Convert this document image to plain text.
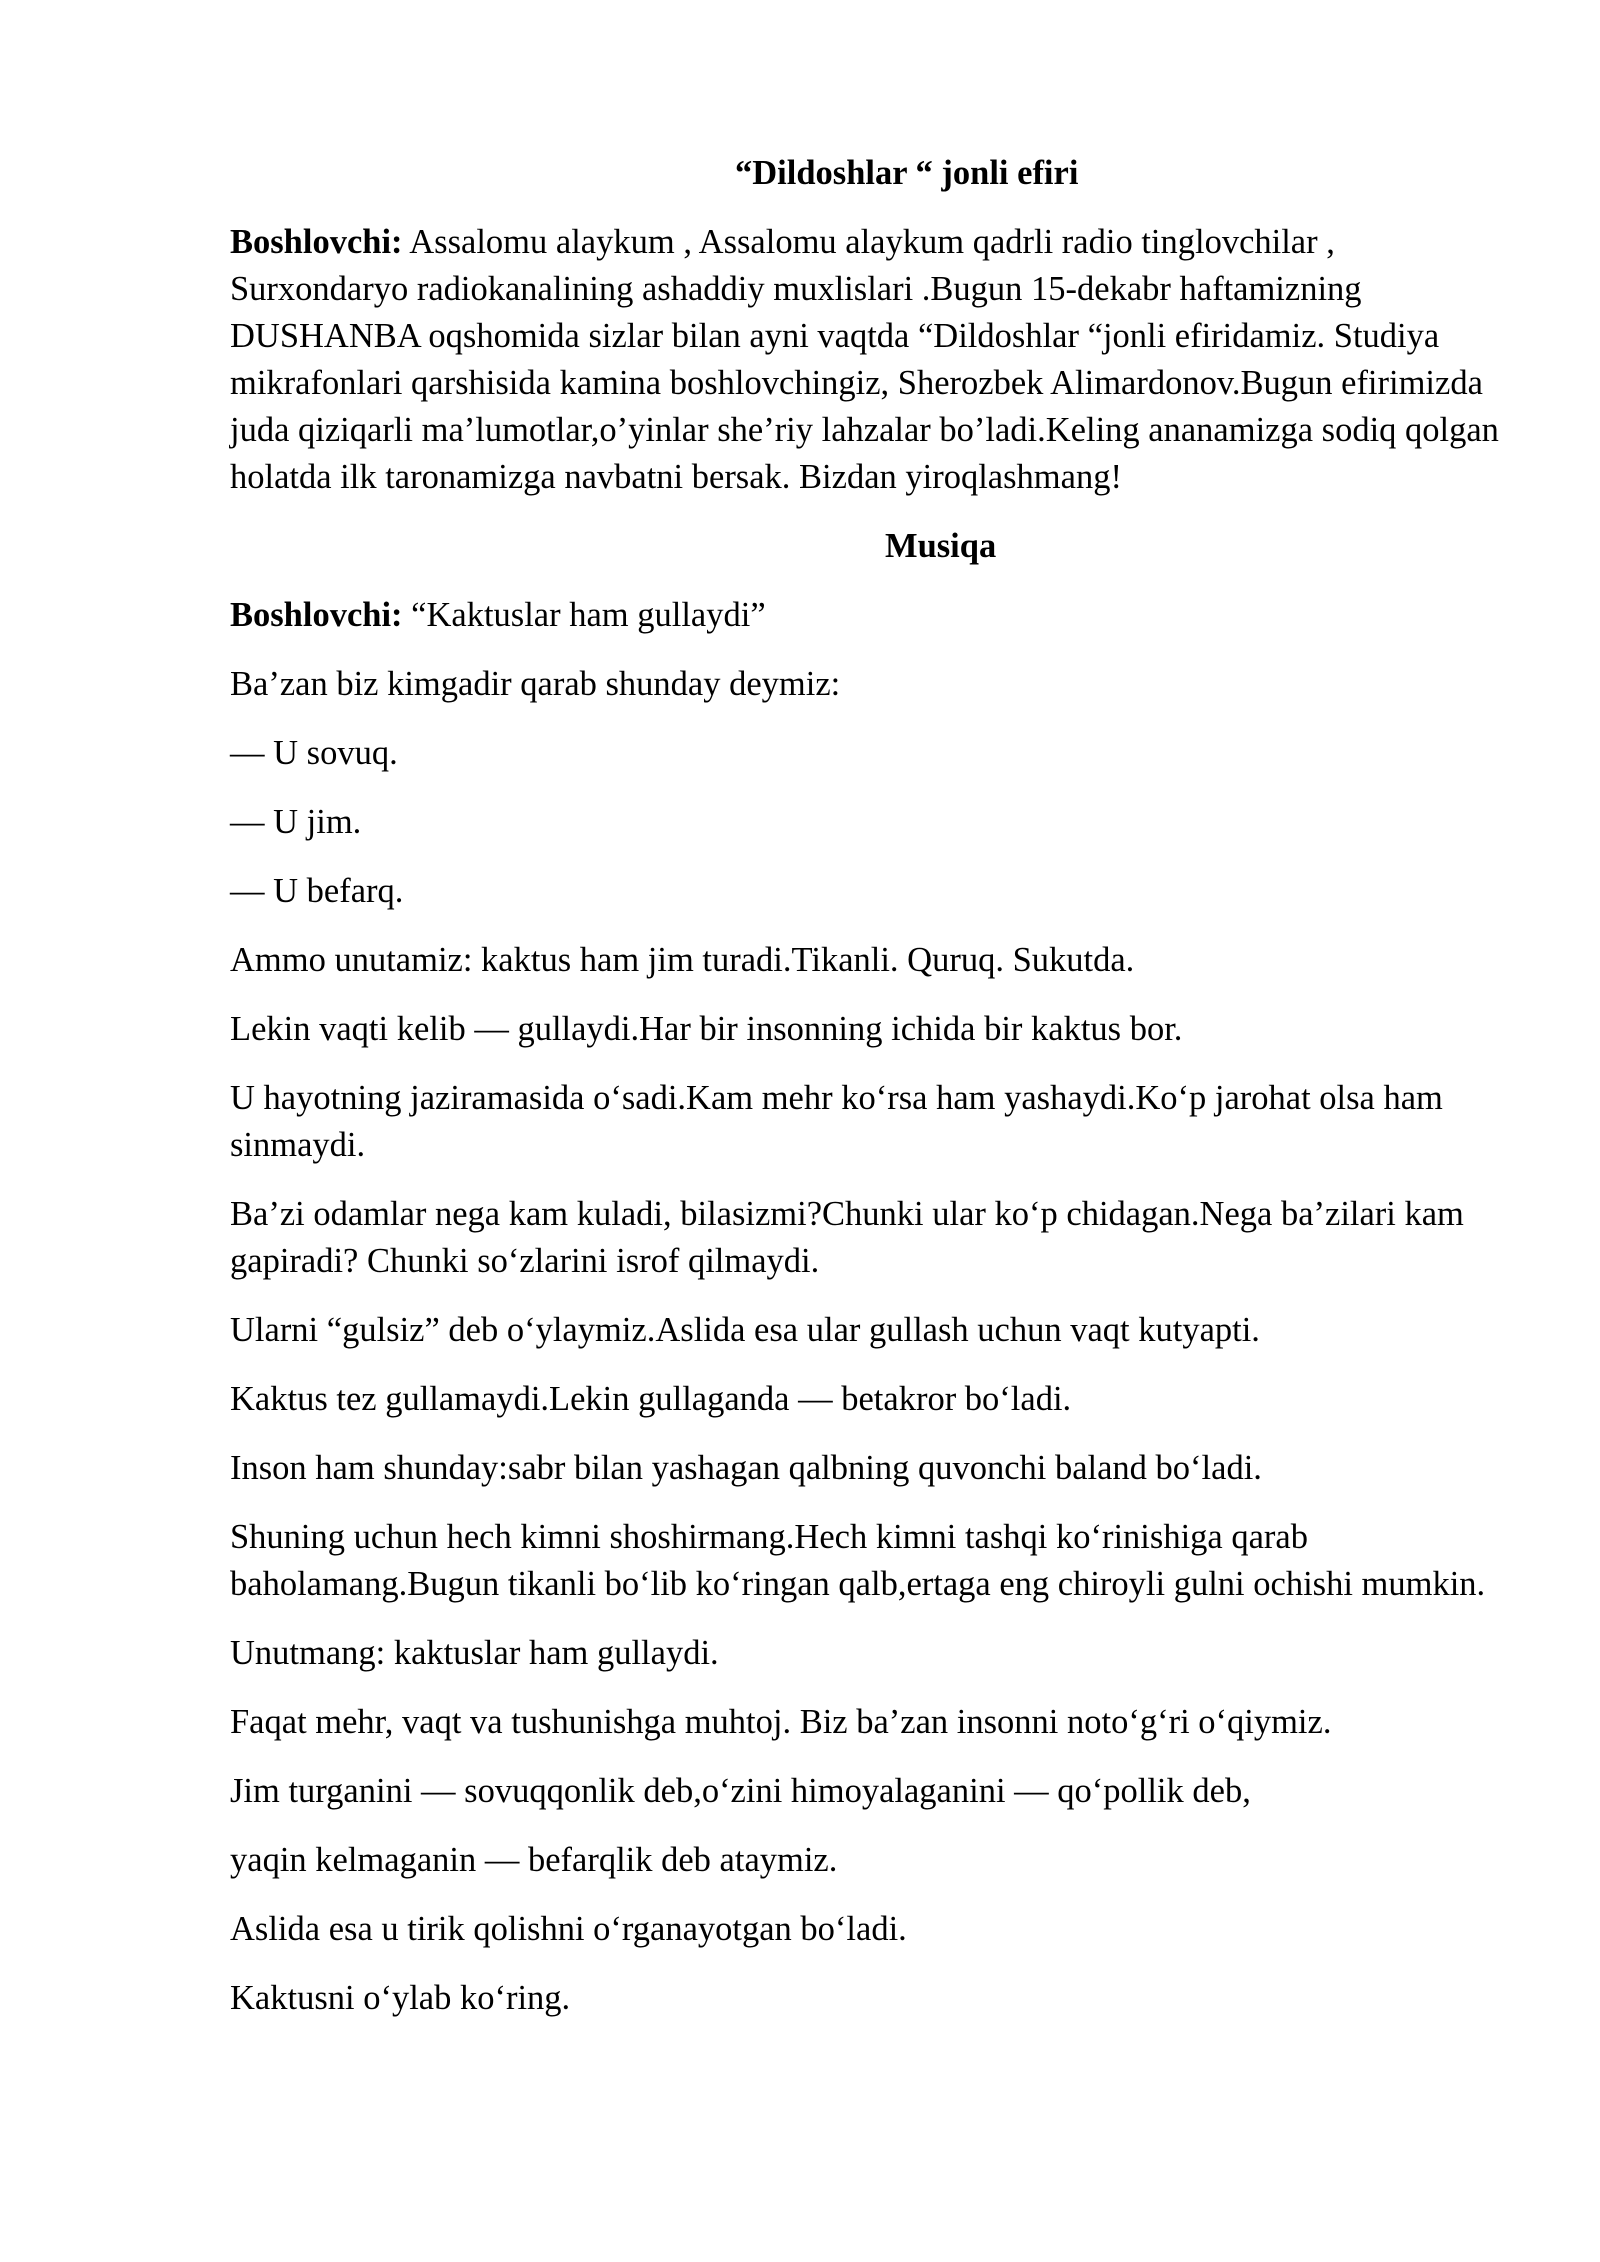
“Dildoshlar “ jonli efiri

Boshlovchi: Assalomu alaykum , Assalomu alaykum qadrli radio tinglovchilar , Surxondaryo radiokanalining ashaddiy muxlislari .Bugun 15-dekabr haftamizning DUSHANBA oqshomida sizlar bilan ayni vaqtda “Dildoshlar “jonli efiridamiz. Studiya mikrafonlari qarshisida kamina boshlovchingiz, Sherozbek Alimardonov.Bugun efirimizda juda qiziqarli ma’lumotlar,o’yinlar she’riy lahzalar bo’ladi.Keling ananamizga sodiq qolgan holatda ilk taronamizga navbatni bersak. Bizdan yiroqlashmang!

Musiqa

Boshlovchi: “Kaktuslar ham gullaydi”

Ba’zan biz kimgadir qarab shunday deymiz:

— U sovuq.

— U jim.

— U befarq.

Ammo unutamiz: kaktus ham jim turadi.Tikanli. Quruq. Sukutda.

Lekin vaqti kelib — gullaydi.Har bir insonning ichida bir kaktus bor.

U hayotning jaziramasida o‘sadi.Kam mehr ko‘rsa ham yashaydi.Ko‘p jarohat olsa ham sinmaydi.

Ba’zi odamlar nega kam kuladi, bilasizmi?Chunki ular ko‘p chidagan.Nega ba’zilari kam gapiradi? Chunki so‘zlarini isrof qilmaydi.

Ularni “gulsiz” deb o‘ylaymiz.Aslida esa ular gullash uchun vaqt kutyapti.

Kaktus tez gullamaydi.Lekin gullaganda — betakror bo‘ladi.

Inson ham shunday:sabr bilan yashagan qalbning quvonchi baland bo‘ladi.

Shuning uchun hech kimni shoshirmang.Hech kimni tashqi ko‘rinishiga qarab baholamang.Bugun tikanli bo‘lib ko‘ringan qalb,ertaga eng chiroyli gulni ochishi mumkin.

Unutmang: kaktuslar ham gullaydi.

Faqat mehr, vaqt va tushunishga muhtoj. Biz ba’zan insonni noto‘g‘ri o‘qiymiz.

Jim turganini — sovuqqonlik deb,o‘zini himoyalaganini — qo‘pollik deb,

yaqin kelmaganin — befarqlik deb ataymiz.

Aslida esa u tirik qolishni o‘rganayotgan bo‘ladi.

Kaktusni o‘ylab ko‘ring.
